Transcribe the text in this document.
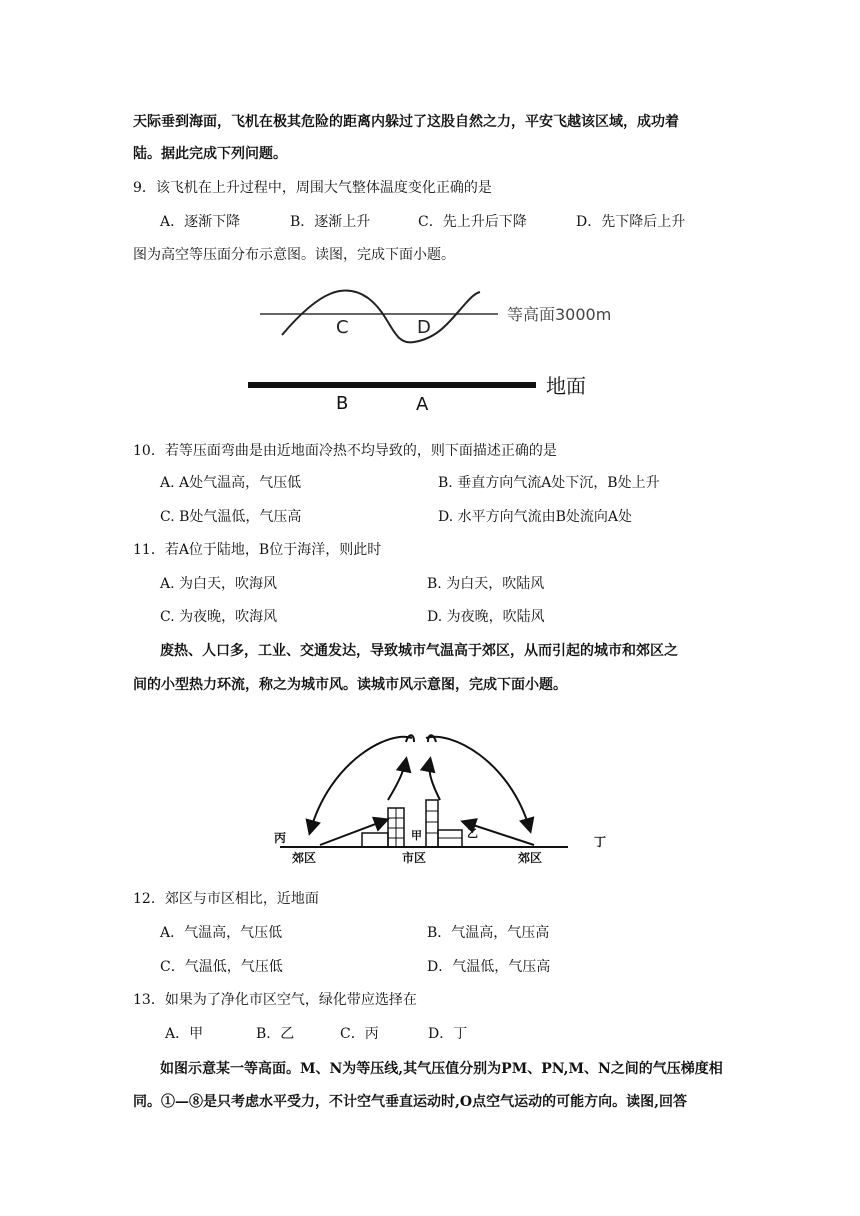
天际垂到海面，飞机在极其危险的距离内躲过了这股自然之力，平安飞越该区域，成功着
陆。据此完成下列问题。
9．该飞机在上升过程中，周围大气整体温度变化正确的是
A．逐渐下降	B．逐渐上升	C．先上升后下降	D．先下降后上升
图为高空等压面分布示意图。读图，完成下面小题。
C	D
等高面3000m
地面
B	A
10．若等压面弯曲是由近地面冷热不均导致的，则下面描述正确的是
A. A处气温高，气压低	B. 垂直方向气流A处下沉，B处上升
C. B处气温低，气压高	D. 水平方向气流由B处流向A处
11．若A位于陆地，B位于海洋，则此时
A. 为白天，吹海风	B. 为白天，吹陆风
C. 为夜晚，吹海风	D. 为夜晚，吹陆风
废热、人口多，工业、交通发达，导致城市气温高于郊区，从而引起的城市和郊区之
间的小型热力环流，称之为城市风。读城市风示意图，完成下面小题。
丙	甲	乙
丁
郊区	市区	郊区
12．郊区与市区相比，近地面
A．气温高，气压低	B．气温高，气压高
C．气温低，气压低	D．气温低，气压高
13．如果为了净化市区空气，绿化带应选择在
A．甲	B．乙	C．丙	D．丁
如图示意某一等高面。M、N为等压线,其气压值分别为PM、PN,M、N之间的气压梯度相
同。①—⑧是只考虑水平受力，不计空气垂直运动时,O点空气运动的可能方向。读图,回答
